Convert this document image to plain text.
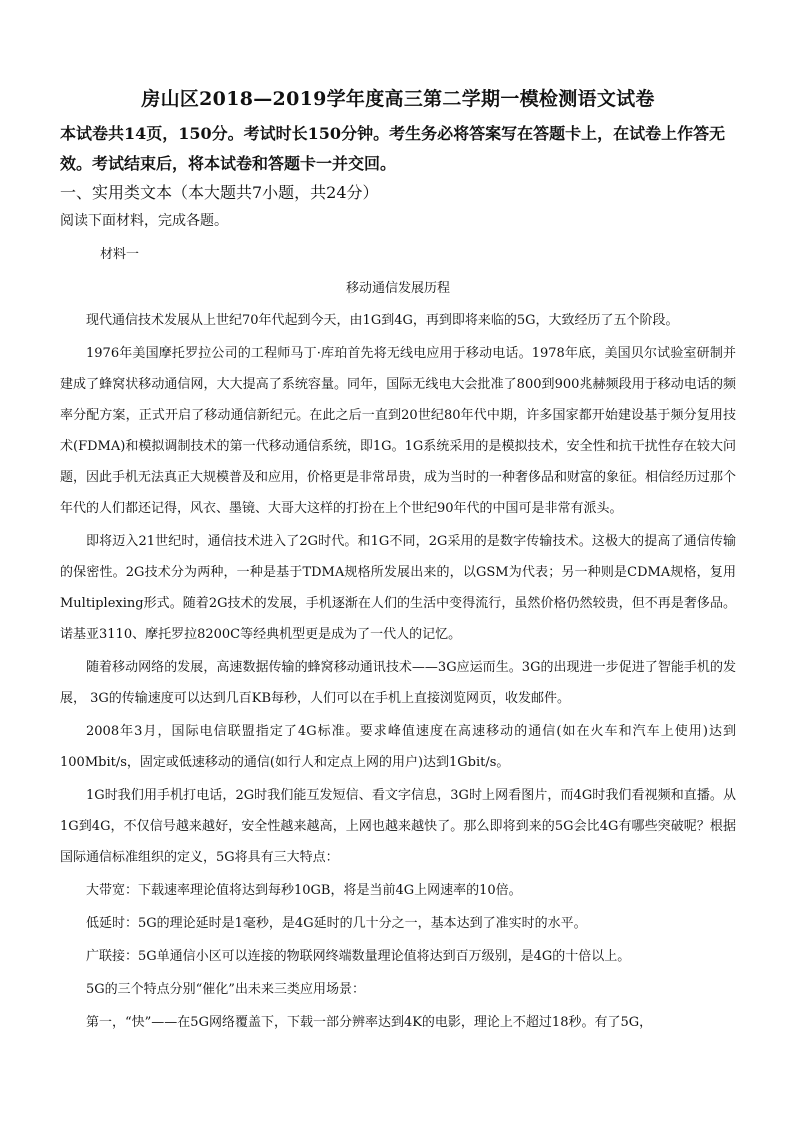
房山区2018—2019学年度高三第二学期一模检测语文试卷

本试卷共14页，150分。考试时长150分钟。考生务必将答案写在答题卡上，在试卷上作答无效。考试结束后，将本试卷和答题卡一并交回。

一、实用类文本（本大题共7小题，共24分）

阅读下面材料，完成各题。

材料一

移动通信发展历程

现代通信技术发展从上世纪70年代起到今天，由1G到4G，再到即将来临的5G，大致经历了五个阶段。

1976年美国摩托罗拉公司的工程师马丁·库珀首先将无线电应用于移动电话。1978年底，美国贝尔试验室研制并建成了蜂窝状移动通信网，大大提高了系统容量。同年，国际无线电大会批准了800到900兆赫频段用于移动电话的频率分配方案，正式开启了移动通信新纪元。在此之后一直到20世纪80年代中期，许多国家都开始建设基于频分复用技术(FDMA)和模拟调制技术的第一代移动通信系统，即1G。1G系统采用的是模拟技术，安全性和抗干扰性存在较大问题，因此手机无法真正大规模普及和应用，价格更是非常昂贵，成为当时的一种奢侈品和财富的象征。相信经历过那个年代的人们都还记得，风衣、墨镜、大哥大这样的打扮在上个世纪90年代的中国可是非常有派头。

即将迈入21世纪时，通信技术进入了2G时代。和1G不同，2G采用的是数字传输技术。这极大的提高了通信传输的保密性。2G技术分为两种，一种是基于TDMA规格所发展出来的，以GSM为代表；另一种则是CDMA规格，复用Multiplexing形式。随着2G技术的发展，手机逐渐在人们的生活中变得流行，虽然价格仍然较贵，但不再是奢侈品。诺基亚3110、摩托罗拉8200C等经典机型更是成为了一代人的记忆。

随着移动网络的发展，高速数据传输的蜂窝移动通讯技术——3G应运而生。3G的出现进一步促进了智能手机的发展， 3G的传输速度可以达到几百KB每秒，人们可以在手机上直接浏览网页，收发邮件。

2008年3月，国际电信联盟指定了4G标准。要求峰值速度在高速移动的通信(如在火车和汽车上使用)达到100Mbit/s，固定或低速移动的通信(如行人和定点上网的用户)达到1Gbit/s。

1G时我们用手机打电话，2G时我们能互发短信、看文字信息，3G时上网看图片，而4G时我们看视频和直播。从1G到4G，不仅信号越来越好，安全性越来越高，上网也越来越快了。那么即将到来的5G会比4G有哪些突破呢？根据国际通信标准组织的定义，5G将具有三大特点：

大带宽：下载速率理论值将达到每秒10GB，将是当前4G上网速率的10倍。

低延时：5G的理论延时是1毫秒，是4G延时的几十分之一，基本达到了准实时的水平。

广联接：5G单通信小区可以连接的物联网终端数量理论值将达到百万级别，是4G的十倍以上。

5G的三个特点分别“催化”出未来三类应用场景：

第一，“快”——在5G网络覆盖下，下载一部分辨率达到4K的电影，理论上不超过18秒。有了5G，
